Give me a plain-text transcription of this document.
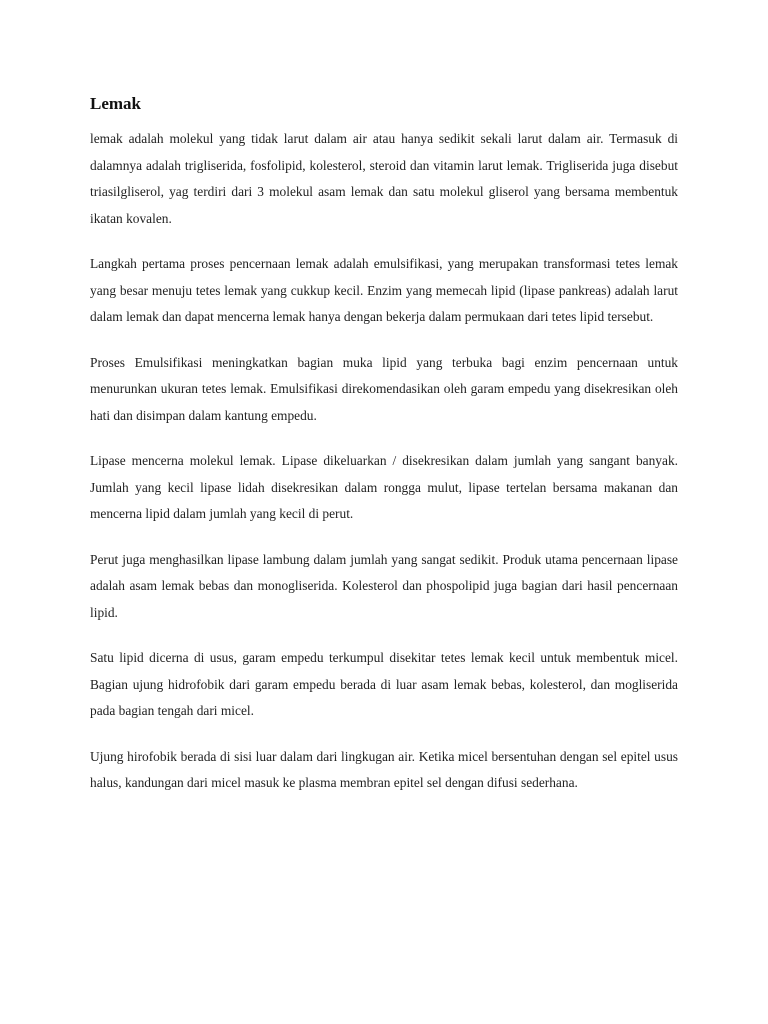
Lemak

lemak adalah molekul yang tidak larut dalam air atau hanya sedikit sekali larut dalam air. Termasuk di dalamnya adalah trigliserida, fosfolipid, kolesterol, steroid dan vitamin larut lemak. Trigliserida juga disebut triasilgliserol, yag terdiri dari 3 molekul asam lemak dan satu molekul gliserol yang bersama membentuk ikatan kovalen.

Langkah pertama proses pencernaan lemak adalah emulsifikasi, yang merupakan transformasi tetes lemak yang besar menuju tetes lemak yang cukkup kecil. Enzim yang memecah lipid (lipase pankreas) adalah larut dalam lemak dan dapat mencerna lemak hanya dengan bekerja dalam permukaan dari tetes lipid tersebut.

Proses Emulsifikasi meningkatkan bagian muka lipid yang terbuka bagi enzim pencernaan untuk menurunkan ukuran tetes lemak. Emulsifikasi direkomendasikan oleh garam empedu yang disekresikan oleh hati dan disimpan dalam kantung empedu.

Lipase mencerna molekul lemak. Lipase dikeluarkan / disekresikan dalam jumlah yang sangant banyak. Jumlah yang kecil lipase lidah disekresikan dalam rongga mulut, lipase tertelan bersama makanan dan mencerna lipid dalam jumlah yang kecil di perut.

Perut juga menghasilkan lipase lambung dalam jumlah yang sangat sedikit. Produk utama pencernaan lipase adalah asam lemak bebas dan monogliserida. Kolesterol dan phospolipid juga bagian dari hasil pencernaan lipid.

Satu lipid dicerna di usus, garam empedu terkumpul disekitar tetes lemak kecil untuk membentuk micel. Bagian ujung hidrofobik dari garam empedu berada di luar asam lemak bebas, kolesterol, dan mogliserida pada bagian tengah dari micel.

Ujung hirofobik berada di sisi luar dalam dari lingkugan air. Ketika micel bersentuhan dengan sel epitel usus halus, kandungan dari micel masuk ke plasma membran epitel sel dengan difusi sederhana.
